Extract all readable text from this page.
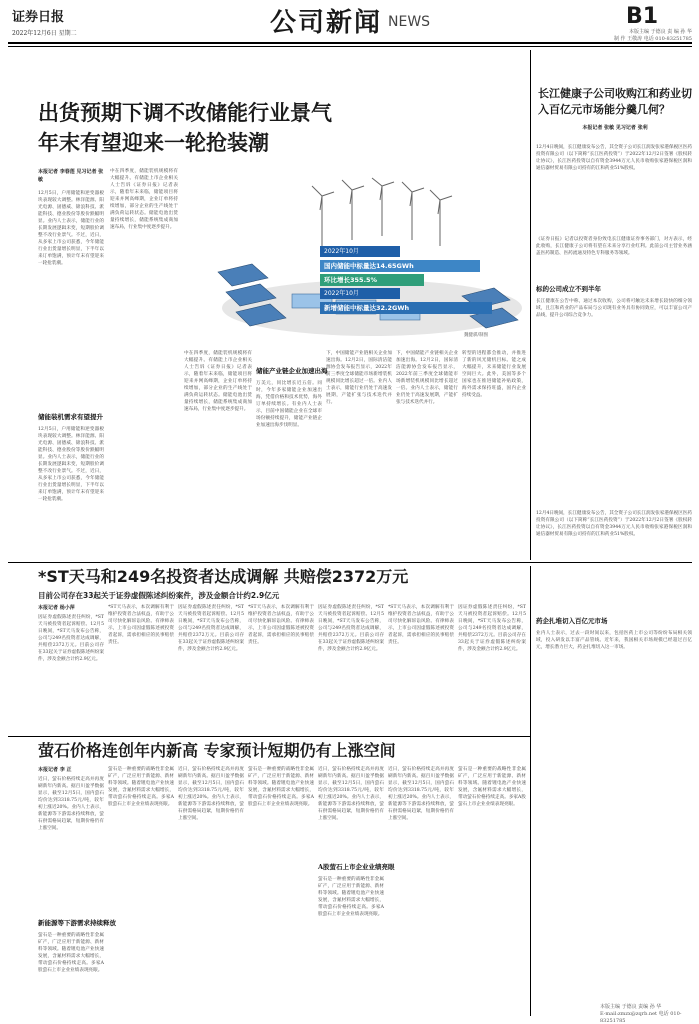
证券日报
2022年12月6日 星期二	公司新闻 NEWS	B1
本版主编 于德良 责 编 孙 华
制 作 王敬涛 电话 010-83251785
出货预期下调不改储能行业景气
年末有望迎来一轮抢装潮
本报记者 李春莲 见习记者 张敏
12月5日，户用储能和逆变器板块表现较大调整。林洋能源、阳光电源、固德威、锦浪科技、派能科技、德业股份等股价跌幅明显。业内人士表示，储能行业的长期发展逻辑未变，短期股价调整不改行业景气。不过，近日，从多家上市公司获悉，今年储能行业出货量增长明显，下半年以来订单饱满，预计年末有望迎来一轮抢装潮。
储能装机需求有望提升
12月5日，户用储能和逆变器板块表现较大调整。林洋能源、阳光电源、固德威、锦浪科技、派能科技、德业股份等股价跌幅明显。业内人士表示，储能行业的长期发展逻辑未变，短期股价调整不改行业景气。不过，近日，从多家上市公司获悉，今年储能行业出货量增长明显，下半年以来订单饱满，预计年末有望迎来一轮抢装潮。
中在四季度，储能装机规模将有大幅提升。有储能上市企业相关人士告诉《证券日报》记者表示，随着年末来临，储能项目将迎来并网高峰期，企业订单将持续增加，部分企业的生产线处于满负荷运转状态。储能电池出货量持续增长，储能系统集成商加速布局，行业集中度逐步提升。
中在四季度，储能装机规模将有大幅提升。有储能上市企业相关人士告诉《证券日报》记者表示，随着年末来临，储能项目将迎来并网高峰期，企业订单将持续增加，部分企业的生产线处于满负荷运转状态。储能电池出货量持续增长，储能系统集成商加速布局，行业集中度逐步提升。
储能产业链企业加速出海
万美元，同比增长近五倍。同时，今年多家储能企业加速出海，凭借价格和技术优势，海外订单持续增长。有业内人士表示，目前中国储能企业在全球市场份额持续提升，储能产业链企业加速出海步伐明显。
下，中国储能产业链相关企业加速出海。12月2日，国际清洁能源协会发布报告显示，2022年前三季度全球储能市场新增装机规模同比增长超过一倍。业内人士表示，储能行业仍处于高速发展期，产能扩张与技术迭代并行。
下，中国储能产业链相关企业加速出海。12月2日，国际清洁能源协会发布报告显示，2022年前三季度全球储能市场新增装机规模同比增长超过一倍。业内人士表示，储能行业仍处于高速发展期，产能扩张与技术迭代并行。
转型的进程都会推动，并推进了新的风光储机目标。能之成大幅提升，未来储能行业发展空间巨大。此外，美国等多个国家也在推进储能补贴政策，海外需求保持旺盛，国内企业持续受益。
2022年10月
国内储能中标量达14.65GWh
环比增长355.5%
2022年10月
新增储能中标量达32.2GWh
魏健骐/制图
长江健康子公司收购江和药业切入百亿元市场能分羹几何？
本报记者 张敏 见习记者 张利
12月4日晚间，长江健康发布公告，其全资子公司长江润发张家港保税区医药投资有限公司（以下简称“长江医药投资”）于2022年12月2日签署《股权转让协议》，长江医药投资以自有资金3944万元人民币收购张家港保税区润和通信器材贸易有限公司持有的江和药业51%股权。
《证券日报》记者以投资者身份致电长江健康证券事务部门，对方表示，经此收购，长江健康子公司将有望在未来分享行业红利。此前公司主营业务涵盖医药制造、医药流通及特色专科服务等领域。
标的公司成立不到半年
长江健康在公告中称，通过本次收购，公司将可触达未来增长较快的细分领域，且江和药业的产品布局与公司现有业务具有协同效应，可以丰富公司产品线，提升公司综合竞争力。
12月4日晚间，长江健康发布公告，其全资子公司长江润发张家港保税区医药投资有限公司（以下简称“长江医药投资”）于2022年12月2日签署《股权转让协议》，长江医药投资以自有资金3944万元人民币收购张家港保税区润和通信器材贸易有限公司持有的江和药业51%股权。
*ST天马和249名投资者达成调解 共赔偿2372万元
目前公司存在33起关于证券虚假陈述纠纷案件，涉及金额合计约2.9亿元
本报记者 杨小萍
因证券虚假陈述责任纠纷，*ST天马被投资者起诉赔偿。12月5日晚间，*ST天马发布公告称，公司与249名投资者达成调解，共赔偿2372万元。目前公司存在33起关于证券虚假陈述纠纷案件，涉及金额合计约2.9亿元。
*ST天马表示，本次调解有利于维护投资者合法权益，有助于公司尽快化解诉讼风险。有律师表示，上市公司因虚假陈述被投资者起诉，需承担相应的民事赔偿责任。
因证券虚假陈述责任纠纷，*ST天马被投资者起诉赔偿。12月5日晚间，*ST天马发布公告称，公司与249名投资者达成调解，共赔偿2372万元。目前公司存在33起关于证券虚假陈述纠纷案件，涉及金额合计约2.9亿元。
*ST天马表示，本次调解有利于维护投资者合法权益，有助于公司尽快化解诉讼风险。有律师表示，上市公司因虚假陈述被投资者起诉，需承担相应的民事赔偿责任。
因证券虚假陈述责任纠纷，*ST天马被投资者起诉赔偿。12月5日晚间，*ST天马发布公告称，公司与249名投资者达成调解，共赔偿2372万元。目前公司存在33起关于证券虚假陈述纠纷案件，涉及金额合计约2.9亿元。
*ST天马表示，本次调解有利于维护投资者合法权益，有助于公司尽快化解诉讼风险。有律师表示，上市公司因虚假陈述被投资者起诉，需承担相应的民事赔偿责任。
因证券虚假陈述责任纠纷，*ST天马被投资者起诉赔偿。12月5日晚间，*ST天马发布公告称，公司与249名投资者达成调解，共赔偿2372万元。目前公司存在33起关于证券虚假陈述纠纷案件，涉及金额合计约2.9亿元。
药企扎堆切入百亿元市场
业内人士表示，过去一段时间以来，包括医药上市公司等纷纷布局相关领域，投入研发以丰富产品管线。近年来，我国相关市场规模已经超过百亿元，增长潜力巨大，药企扎堆切入这一市场。
萤石价格连创年内新高 专家预计短期仍有上涨空间
本报记者 李 正
近日，萤石价格持续走高并再度刷新年内新高。据百川盈孚数据显示，截至12月5日，国内萤石均价达到3318.75元/吨，较年初上涨近20%。业内人士表示，新能源等下游需求持续释放，萤石供需格局趋紧，短期价格仍有上涨空间。
新能源等下游需求持续释放
萤石是一种重要的战略性非金属矿产，广泛应用于新能源、新材料等领域。随着锂电池产业快速发展，含氟材料需求大幅增长，带动萤石价格持续走高。多家A股萤石上市企业业绩表现亮眼。
萤石是一种重要的战略性非金属矿产，广泛应用于新能源、新材料等领域。随着锂电池产业快速发展，含氟材料需求大幅增长，带动萤石价格持续走高。多家A股萤石上市企业业绩表现亮眼。
近日，萤石价格持续走高并再度刷新年内新高。据百川盈孚数据显示，截至12月5日，国内萤石均价达到3318.75元/吨，较年初上涨近20%。业内人士表示，新能源等下游需求持续释放，萤石供需格局趋紧，短期价格仍有上涨空间。
萤石是一种重要的战略性非金属矿产，广泛应用于新能源、新材料等领域。随着锂电池产业快速发展，含氟材料需求大幅增长，带动萤石价格持续走高。多家A股萤石上市企业业绩表现亮眼。
A股萤石上市企业业绩亮眼
近日，萤石价格持续走高并再度刷新年内新高。据百川盈孚数据显示，截至12月5日，国内萤石均价达到3318.75元/吨，较年初上涨近20%。业内人士表示，新能源等下游需求持续释放，萤石供需格局趋紧，短期价格仍有上涨空间。
萤石是一种重要的战略性非金属矿产，广泛应用于新能源、新材料等领域。随着锂电池产业快速发展，含氟材料需求大幅增长，带动萤石价格持续走高。多家A股萤石上市企业业绩表现亮眼。
近日，萤石价格持续走高并再度刷新年内新高。据百川盈孚数据显示，截至12月5日，国内萤石均价达到3318.75元/吨，较年初上涨近20%。业内人士表示，新能源等下游需求持续释放，萤石供需格局趋紧，短期价格仍有上涨空间。
萤石是一种重要的战略性非金属矿产，广泛应用于新能源、新材料等领域。随着锂电池产业快速发展，含氟材料需求大幅增长，带动萤石价格持续走高。多家A股萤石上市企业业绩表现亮眼。
本版主编 于德良 责编 孙 华
E-mail:zmzx@zqrb.net 电话 010-83251785
